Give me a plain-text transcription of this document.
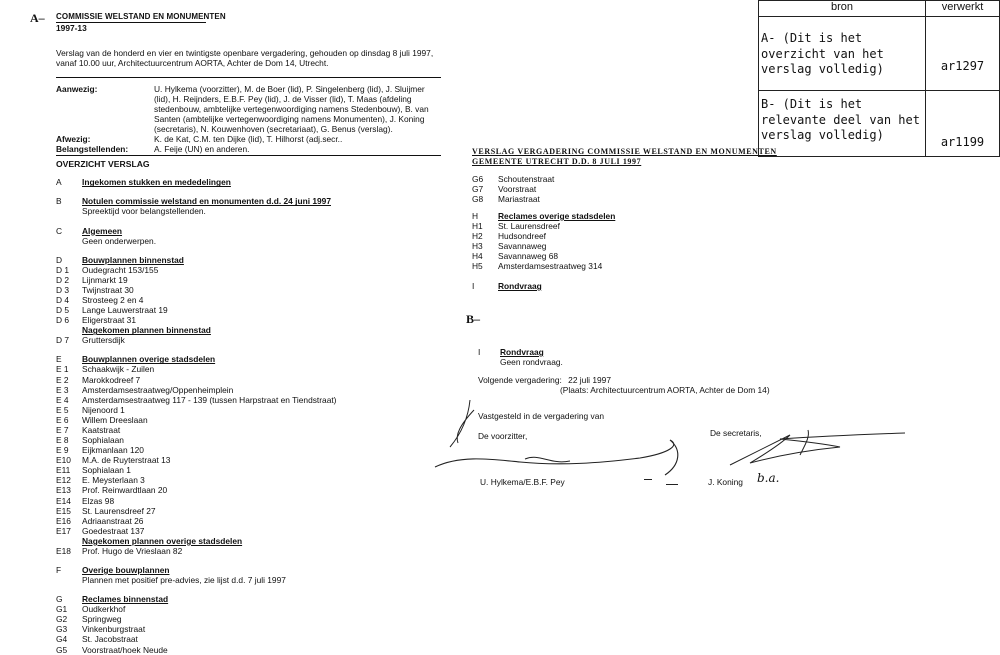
A– COMMISSIE WELSTAND EN MONUMENTEN
1997-13
Verslag van de honderd en vier en twintigste openbare vergadering, gehouden op dinsdag 8 juli 1997, vanaf 10.00 uur, Architectuurcentrum AORTA, Achter de Dom 14, Utrecht.
Aanwezig:	U. Hylkema (voorzitter), M. de Boer (lid), P. Singelenberg (lid), J. Sluijmer (lid), H. Reijnders, E.B.F. Pey (lid), J. de Visser (lid), T. Maas (afdeling stedenbouw, ambtelijke vertegenwoordiging namens Stedenbouw), B. van Santen (ambtelijke vertegenwoordiging namens Monumenten), J. Koning (secretaris), N. Kouwenhoven (secretariaat), G. Benus (verslag).
Afwezig:	K. de Kat, C.M. ten Dijke (lid), T. Hilhorst (adj.secr..
Belangstellenden:	A. Feije (UN) en anderen.
OVERZICHT VERSLAG
A	Ingekomen stukken en mededelingen
B	Notulen commissie welstand en monumenten d.d. 24 juni 1997
Spreektijd voor belangstellenden.
C	Algemeen
Geen onderwerpen.
D	Bouwplannen binnenstad
D 1	Oudegracht 153/155
D 2	Lijnmarkt 19
D 3	Twijnstraat 30
D 4	Strosteeg 2 en 4
D 5	Lange Lauwerstraat 19
D 6	Eligerstraat 31
Nagekomen plannen binnenstad
D 7	Gruttersdijk
E	Bouwplannen overige stadsdelen
E 1	Schaakwijk - Zuilen
E 2	Marokkodreef 7
E 3	Amsterdamsestraatweg/Oppenheimplein
E 4	Amsterdamsestraatweg 117 - 139 (tussen Harpstraat en Tiendstraat)
E 5	Nijenoord 1
E 6	Willem Dreeslaan
E 7	Kaatstraat
E 8	Sophialaan
E 9	Eijkmanlaan 120
E10	M.A. de Ruyterstraat 13
E11	Sophialaan 1
E12	E. Meysterlaan 3
E13	Prof. Reinwardtlaan 20
E14	Elzas 98
E15	St. Laurensdreef 27
E16	Adriaanstraat 26
E17	Goedestraat 137
Nagekomen plannen overige stadsdelen
E18	Prof. Hugo de Vrieslaan 82
F	Overige bouwplannen
Plannen met positief pre-advies, zie lijst d.d. 7 juli 1997
G	Reclames binnenstad
G1	Oudkerkhof
G2	Springweg
G3	Vinkenburgstraat
G4	St. Jacobstraat
G5	Voorstraat/hoek Neude
bron	verwerkt
A- (Dit is het overzicht van het verslag volledig)	ar1297
B- (Dit is het relevante deel van het verslag volledig)	ar1199
VERSLAG VERGADERING COMMISSIE WELSTAND EN MONUMENTEN
GEMEENTE UTRECHT D.D. 8 JULI 1997
G6	Schoutenstraat
G7	Voorstraat
G8	Mariastraat
H	Reclames overige stadsdelen
H1	St. Laurensdreef
H2	Hudsondreef
H3	Savannaweg
H4	Savannaweg 68
H5	Amsterdamsestraatweg 314
I	Rondvraag
B–
I	Rondvraag
Geen rondvraag.
Volgende vergadering: 22 juli 1997
(Plaats: Architectuurcentrum AORTA, Achter de Dom 14)
Vastgesteld in de vergadering van
De voorzitter,	De secretaris,
U. Hylkema/E.B.F. Pey	J. Koning b.a.
